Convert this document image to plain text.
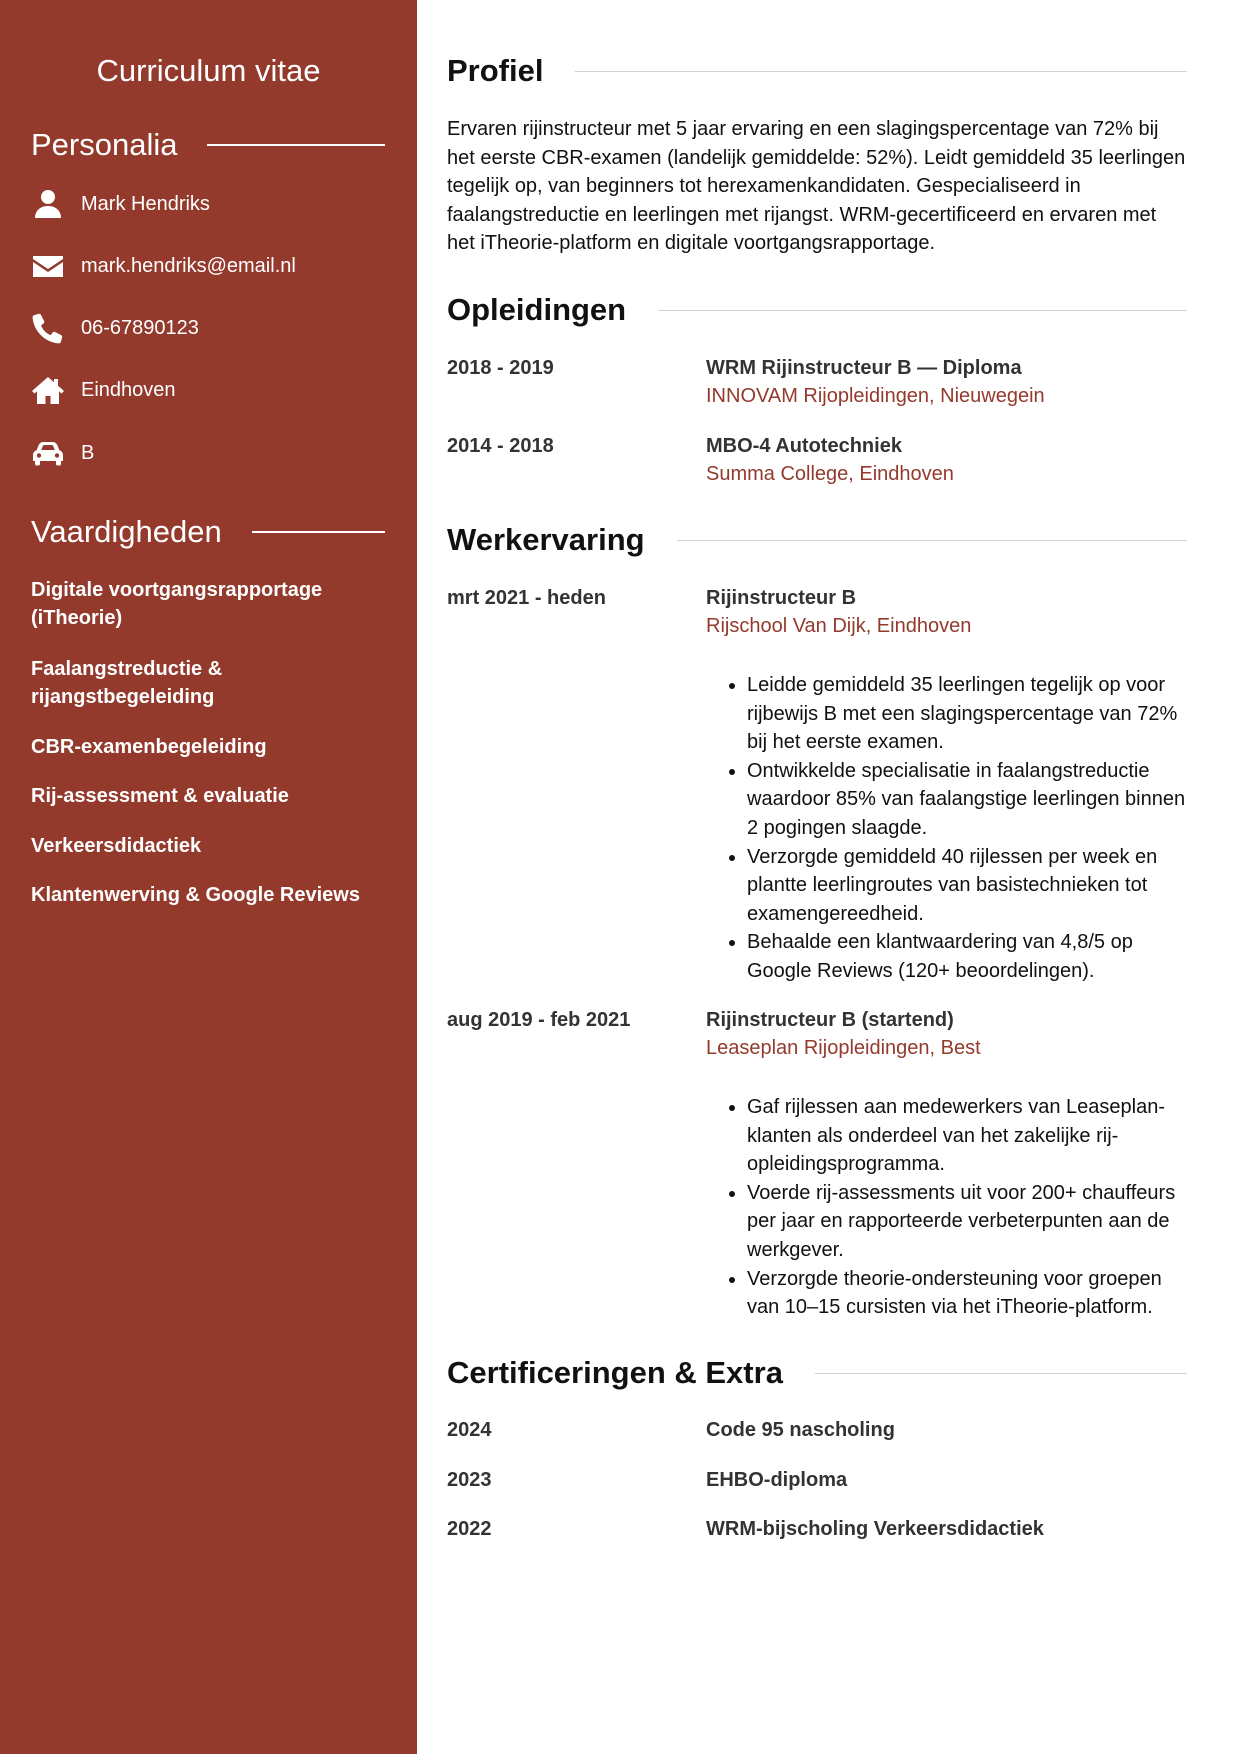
Curriculum vitae
Personalia
Mark Hendriks
mark.hendriks@email.nl
06-67890123
Eindhoven
B
Vaardigheden
Digitale voortgangsrapportage (iTheorie)
Faalangstreductie & rijangstbegeleiding
CBR-examenbegeleiding
Rij-assessment & evaluatie
Verkeersdidactiek
Klantenwerving & Google Reviews
Profiel
Ervaren rijinstructeur met 5 jaar ervaring en een slagingspercentage van 72% bij het eerste CBR-examen (landelijk gemiddelde: 52%). Leidt gemiddeld 35 leerlingen tegelijk op, van beginners tot herexamenkandidaten. Gespecialiseerd in faalangstreductie en leerlingen met rijangst. WRM-gecertificeerd en ervaren met het iTheorie-platform en digitale voortgangsrapportage.
Opleidingen
2018 - 2019	WRM Rijinstructeur B — Diploma
INNOVAM Rijopleidingen, Nieuwegein
2014 - 2018	MBO-4 Autotechniek
Summa College, Eindhoven
Werkervaring
mrt 2021 - heden	Rijinstructeur B
Rijschool Van Dijk, Eindhoven
• Leidde gemiddeld 35 leerlingen tegelijk op voor rijbewijs B met een slagingspercentage van 72% bij het eerste examen.
• Ontwikkelde specialisatie in faalangstreductie waardoor 85% van faalangstige leerlingen binnen 2 pogingen slaagde.
• Verzorgde gemiddeld 40 rijlessen per week en plantte leerlingroutes van basistechnieken tot examengereedheid.
• Behaalde een klantwaardering van 4,8/5 op Google Reviews (120+ beoordelingen).
aug 2019 - feb 2021	Rijinstructeur B (startend)
Leaseplan Rijopleidingen, Best
• Gaf rijlessen aan medewerkers van Leaseplan-klanten als onderdeel van het zakelijke rij-opleidingsprogramma.
• Voerde rij-assessments uit voor 200+ chauffeurs per jaar en rapporteerde verbeterpunten aan de werkgever.
• Verzorgde theorie-ondersteuning voor groepen van 10–15 cursisten via het iTheorie-platform.
Certificeringen & Extra
2024	Code 95 nascholing
2023	EHBO-diploma
2022	WRM-bijscholing Verkeersdidactiek
